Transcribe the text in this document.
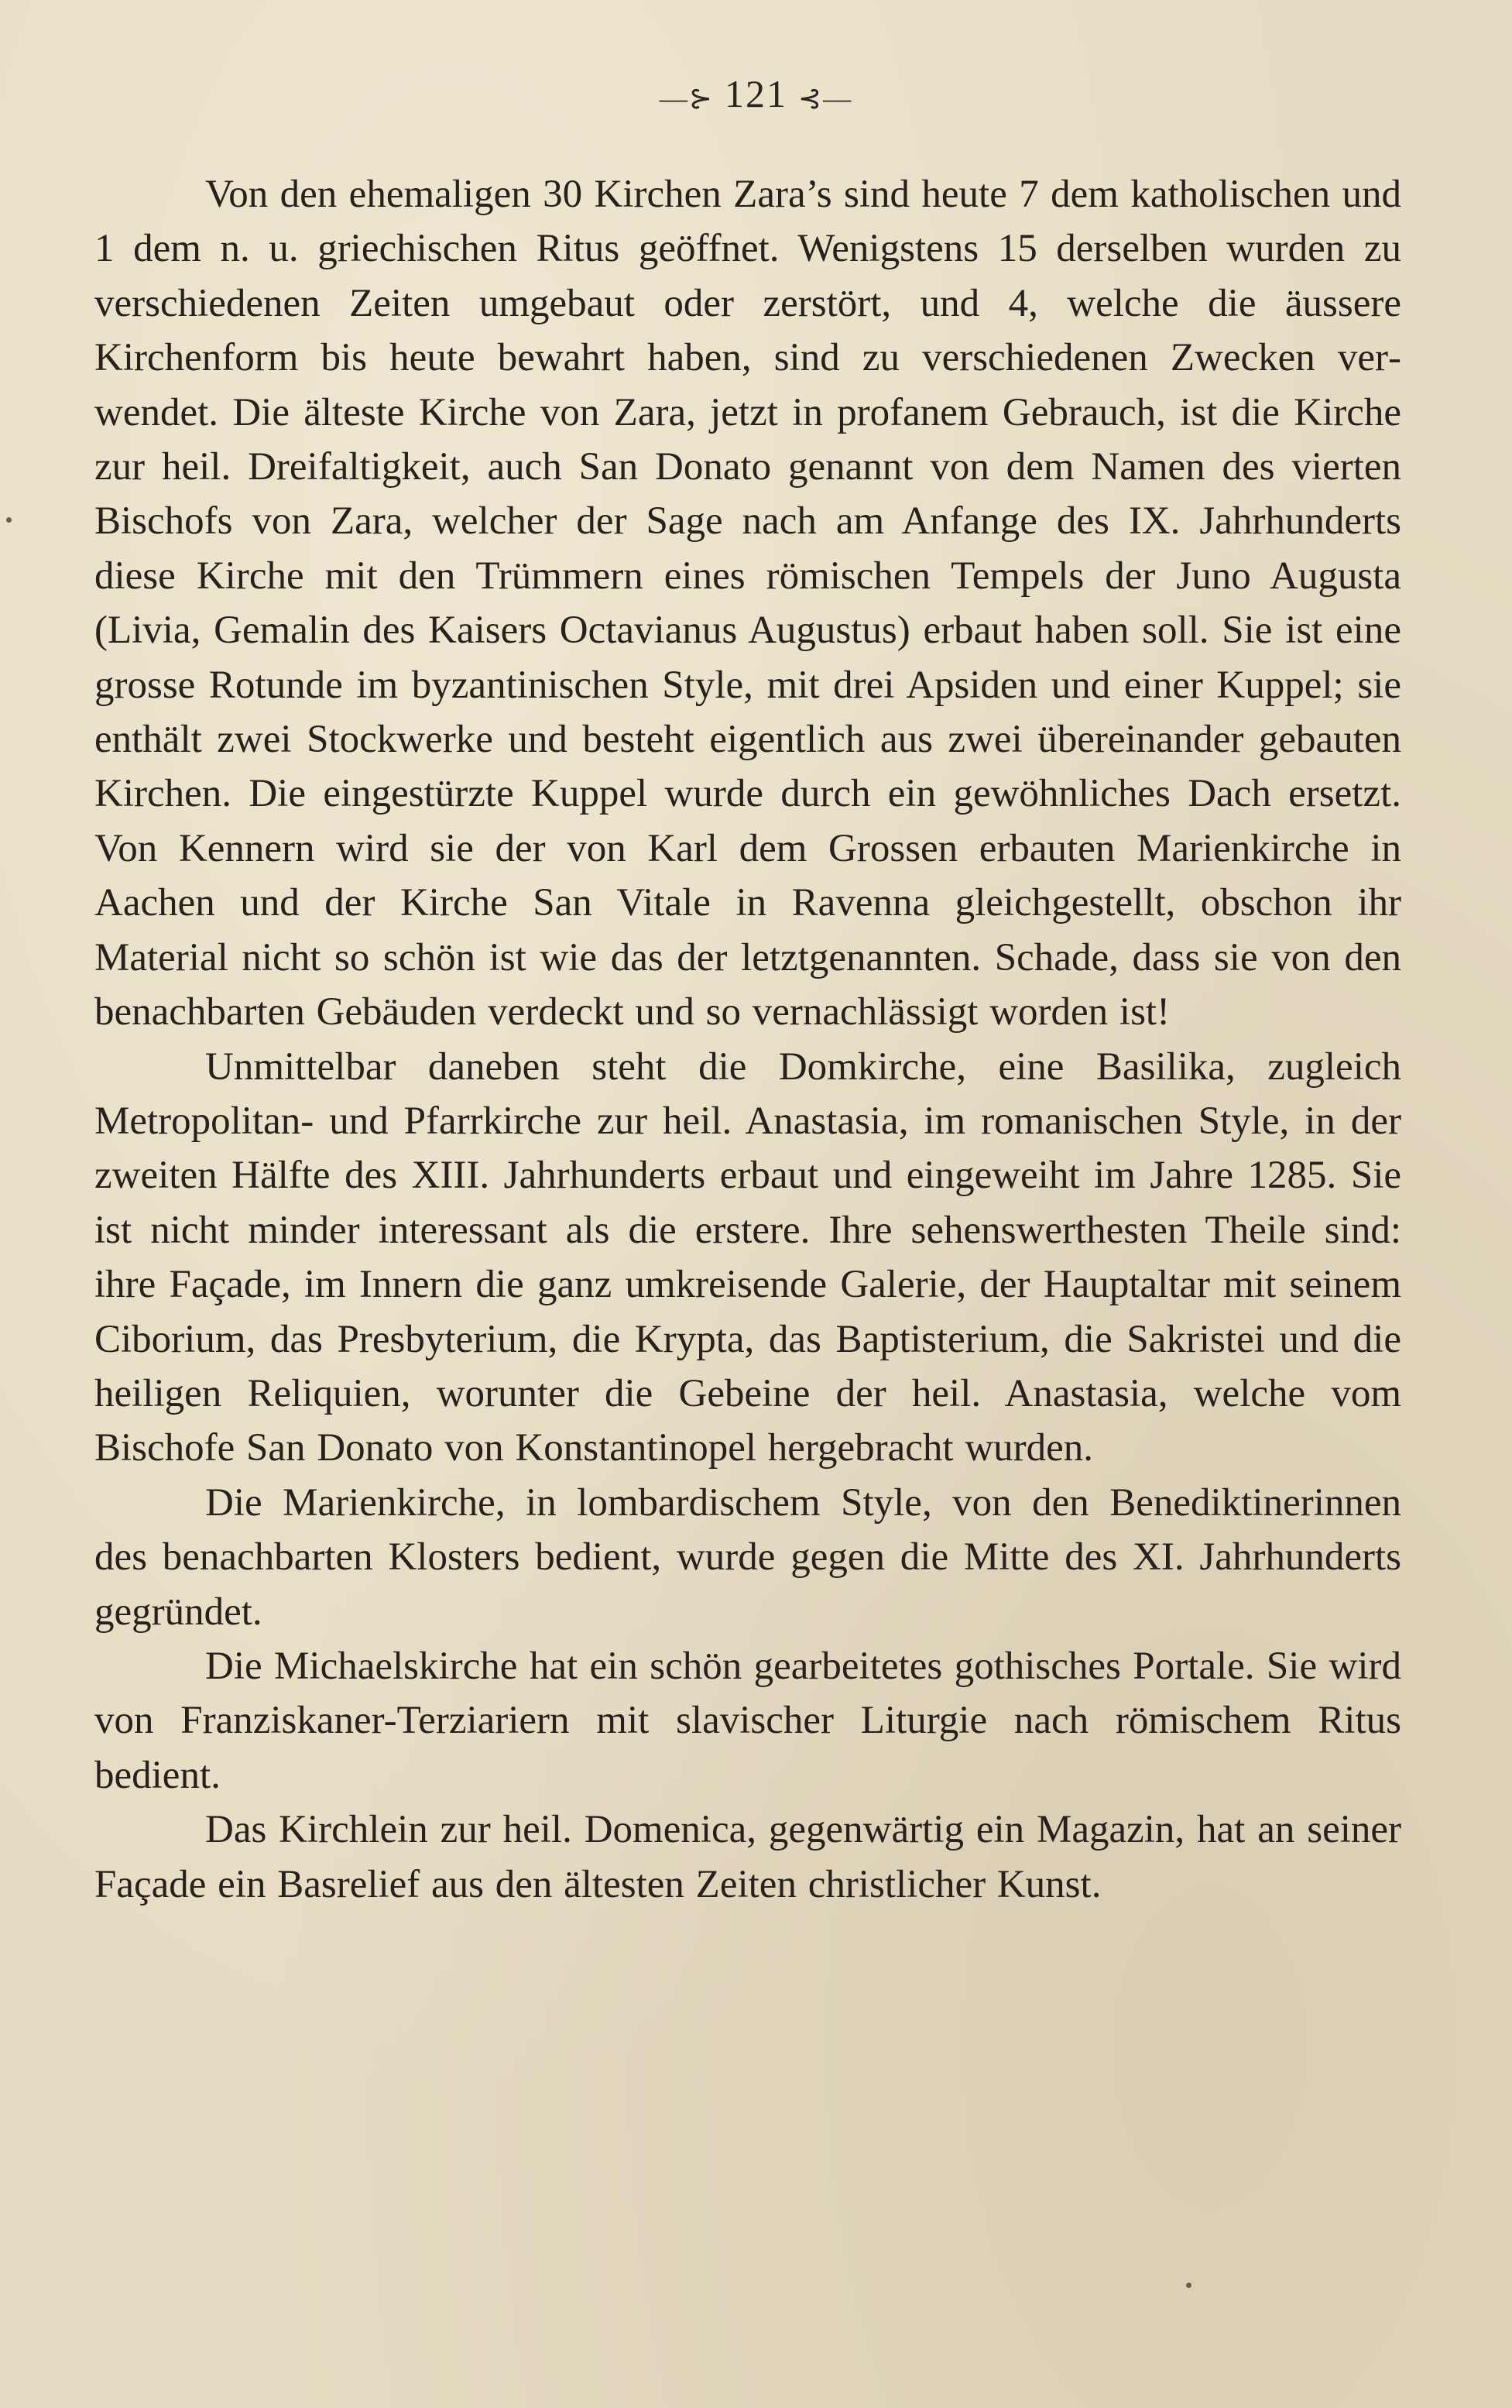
—⊱ 121 ⊰—

Von den ehemaligen 30 Kirchen Zara’s sind heute 7 dem katholischen und 1 dem n. u. griechischen Ritus geöffnet. Wenigstens 15 derselben wurden zu verschiedenen Zeiten umgebaut oder zerstört, und 4, welche die äussere Kirchenform bis heute bewahrt haben, sind zu verschiedenen Zwecken verwendet. Die älteste Kirche von Zara, jetzt in profanem Gebrauch, ist die Kirche zur heil. Dreifaltigkeit, auch San Donato genannt von dem Namen des vierten Bischofs von Zara, welcher der Sage nach am Anfange des IX. Jahrhunderts diese Kirche mit den Trümmern eines römischen Tempels der Juno Augusta (Livia, Gemalin des Kaisers Octavianus Augustus) erbaut haben soll. Sie ist eine grosse Rotunde im byzantinischen Style, mit drei Apsiden und einer Kuppel; sie enthält zwei Stockwerke und besteht eigentlich aus zwei übereinander gebauten Kirchen. Die eingestürzte Kuppel wurde durch ein gewöhnliches Dach ersetzt. Von Kennern wird sie der von Karl dem Grossen erbauten Marienkirche in Aachen und der Kirche San Vitale in Ravenna gleichgestellt, obschon ihr Material nicht so schön ist wie das der letztgenannten. Schade, dass sie von den benachbarten Gebäuden verdeckt und so vernachlässigt worden ist!

Unmittelbar daneben steht die Domkirche, eine Basilika, zugleich Metropolitan- und Pfarrkirche zur heil. Anastasia, im romanischen Style, in der zweiten Hälfte des XIII. Jahrhunderts erbaut und eingeweiht im Jahre 1285. Sie ist nicht minder interessant als die erstere. Ihre sehenswerthesten Theile sind: ihre Façade, im Innern die ganz umkreisende Galerie, der Hauptaltar mit seinem Ciborium, das Presbyterium, die Krypta, das Baptisterium, die Sakristei und die heiligen Reliquien, worunter die Gebeine der heil. Anastasia, welche vom Bischofe San Donato von Konstantinopel hergebracht wurden.

Die Marienkirche, in lombardischem Style, von den Benediktinerinnen des benachbarten Klosters bedient, wurde gegen die Mitte des XI. Jahrhunderts gegründet.

Die Michaelskirche hat ein schön gearbeitetes gothisches Portale. Sie wird von Franziskaner-Terziariern mit slavischer Liturgie nach römischem Ritus bedient.

Das Kirchlein zur heil. Domenica, gegenwärtig ein Magazin, hat an seiner Façade ein Basrelief aus den ältesten Zeiten christlicher Kunst.
